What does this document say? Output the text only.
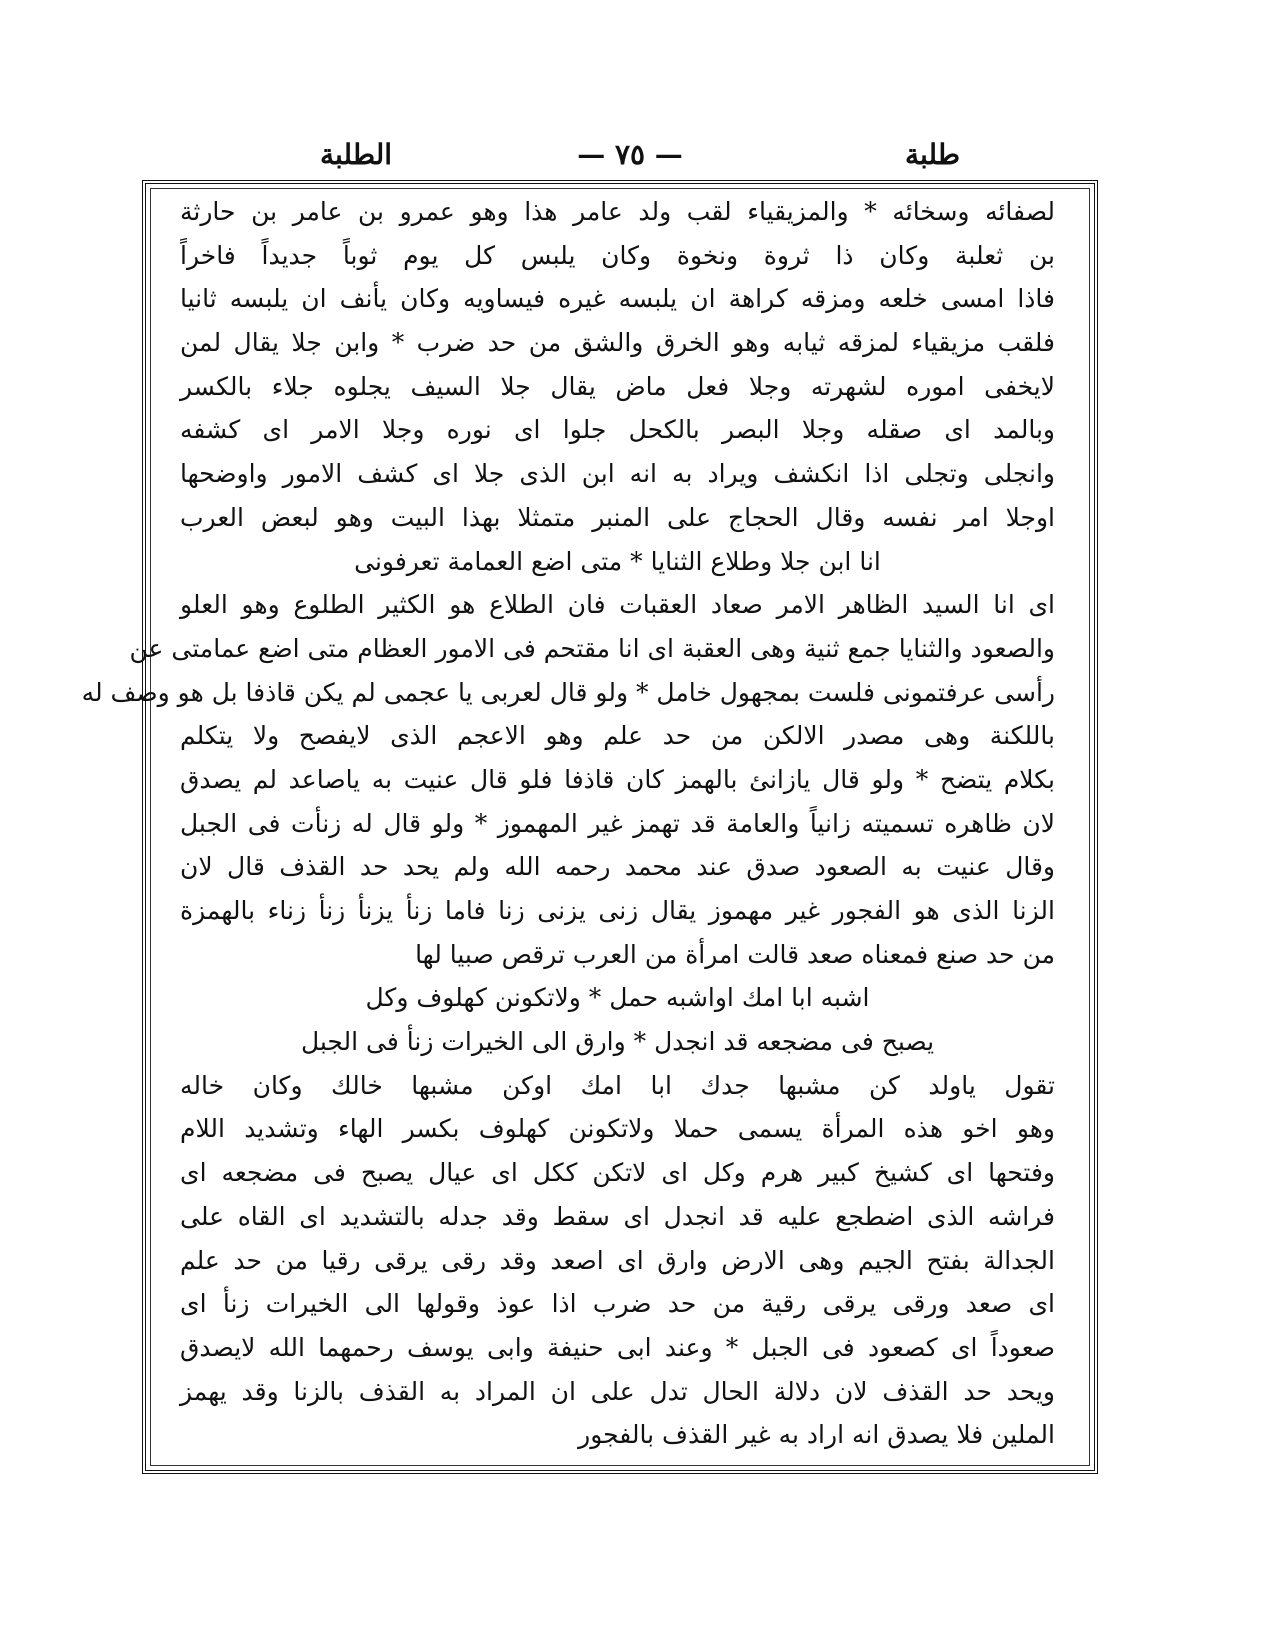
طلبة
— ٧٥ —
الطلبة
لصفائه وسخائه * والمزيقياء لقب ولد عامر هذا وهو عمرو بن عامر بن حارثة
بن ثعلبة وكان ذا ثروة ونخوة وكان يلبس كل يوم ثوباً جديداً فاخراً
فاذا امسى خلعه ومزقه كراهة ان يلبسه غيره فيساويه وكان يأنف ان يلبسه ثانيا
فلقب مزيقياء لمزقه ثيابه وهو الخرق والشق من حد ضرب * وابن جلا يقال لمن
لايخفى اموره لشهرته وجلا فعل ماض يقال جلا السيف يجلوه جلاء بالكسر
وبالمد اى صقله وجلا البصر بالكحل جلوا اى نوره وجلا الامر اى كشفه
وانجلى وتجلى اذا انكشف ويراد به انه ابن الذى جلا اى كشف الامور واوضحها
اوجلا امر نفسه وقال الحجاج على المنبر متمثلا بهذا البيت وهو لبعض العرب
انا ابن جلا وطلاع الثنايا * متى اضع العمامة تعرفونى
اى انا السيد الظاهر الامر صعاد العقبات فان الطلاع هو الكثير الطلوع وهو العلو
والصعود والثنايا جمع ثنية وهى العقبة اى انا مقتحم فى الامور العظام متى اضع عمامتى عن
رأسى عرفتمونى فلست بمجهول خامل * ولو قال لعربى يا عجمى لم يكن قاذفا بل هو وصف له
باللكنة وهى مصدر الالكن من حد علم وهو الاعجم الذى لايفصح ولا يتكلم
بكلام يتضح * ولو قال يازانئ بالهمز كان قاذفا فلو قال عنيت به ياصاعد لم يصدق
لان ظاهره تسميته زانياً والعامة قد تهمز غير المهموز * ولو قال له زنأت فى الجبل
وقال عنيت به الصعود صدق عند محمد رحمه الله ولم يحد حد القذف قال لان
الزنا الذى هو الفجور غير مهموز يقال زنى يزنى زنا فاما زنأ يزنأ زنأ زناء بالهمزة
من حد صنع فمعناه صعد قالت امرأة من العرب ترقص صبيا لها
اشبه ابا امك اواشبه حمل * ولاتكونن كهلوف وكل
يصبح فى مضجعه قد انجدل * وارق الى الخيرات زنأ فى الجبل
تقول ياولد كن مشبها جدك ابا امك اوكن مشبها خالك وكان خاله
وهو اخو هذه المرأة يسمى حملا ولاتكونن كهلوف بكسر الهاء وتشديد اللام
وفتحها اى كشيخ كبير هرم وكل اى لاتكن ككل اى عيال يصبح فى مضجعه اى
فراشه الذى اضطجع عليه قد انجدل اى سقط وقد جدله بالتشديد اى القاه على
الجدالة بفتح الجيم وهى الارض وارق اى اصعد وقد رقى يرقى رقيا من حد علم
اى صعد ورقى يرقى رقية من حد ضرب اذا عوذ وقولها الى الخيرات زنأ اى
صعوداً اى كصعود فى الجبل * وعند ابى حنيفة وابى يوسف رحمهما الله لايصدق
ويحد حد القذف لان دلالة الحال تدل على ان المراد به القذف بالزنا وقد يهمز
الملين فلا يصدق انه اراد به غير القذف بالفجور
